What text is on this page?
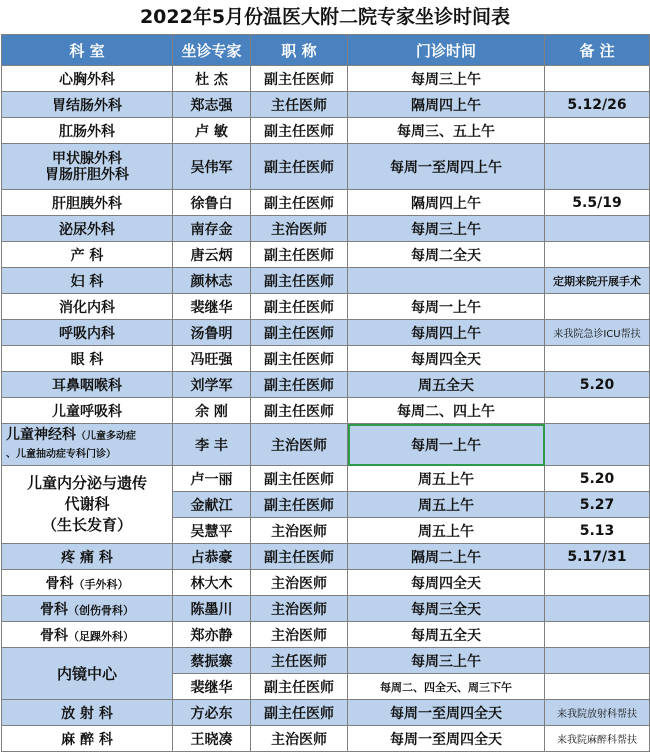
2022年5月份温医大附二院专家坐诊时间表
科 室	坐诊专家	职 称	门诊时间	备 注
心胸外科	杜 杰	副主任医师	每周三上午	
胃结肠外科	郑志强	主任医师	隔周四上午	5.12/26
肛肠外科	卢 敏	副主任医师	每周三、五上午	

甲状腺外科
胃肠肝胆外科	吴伟军	副主任医师	每周一至周四上午	
肝胆胰外科	徐鲁白	副主任医师	隔周四上午	5.5/19
泌尿外科	南存金	主治医师	每周三上午	
产 科	唐云炳	副主任医师	每周二全天	
妇 科	颜林志	副主任医师		定期来院开展手术
消化内科	裴继华	副主任医师	每周一上午	
呼吸内科	汤鲁明	副主任医师	每周四上午	来我院急诊ICU帮扶
眼 科	冯旺强	副主任医师	每周四全天	
耳鼻咽喉科	刘学军	副主任医师	周五全天	5.20
儿童呼吸科	余 刚	副主任医师	每周二、四上午	
儿童神经科（儿童多动症
、儿童抽动症专科门诊）	李 丰	主治医师	每周一上午	

儿童内分泌与遗传
代谢科
（生长发育）	卢一丽	副主任医师	周五上午	5.20
	金献江	副主任医师	周五上午	5.27
	吴慧平	主治医师	周五上午	5.13
疼 痛 科	占恭豪	副主任医师	隔周二上午	5.17/31
骨科（手外科）	林大木	主治医师	每周四全天	
骨科（创伤骨科）	陈墨川	主治医师	每周三全天	
骨科（足踝外科）	郑亦静	主治医师	每周五全天	
内镜中心	蔡振寨	主任医师	每周三上午	
	裴继华	副主任医师	每周二、四全天、周三下午	
放 射 科	方必东	副主任医师	每周一至周四全天	来我院放射科帮扶
麻 醉 科	王晓凑	主治医师	每周一至周四全天	来我院麻醉科帮扶
